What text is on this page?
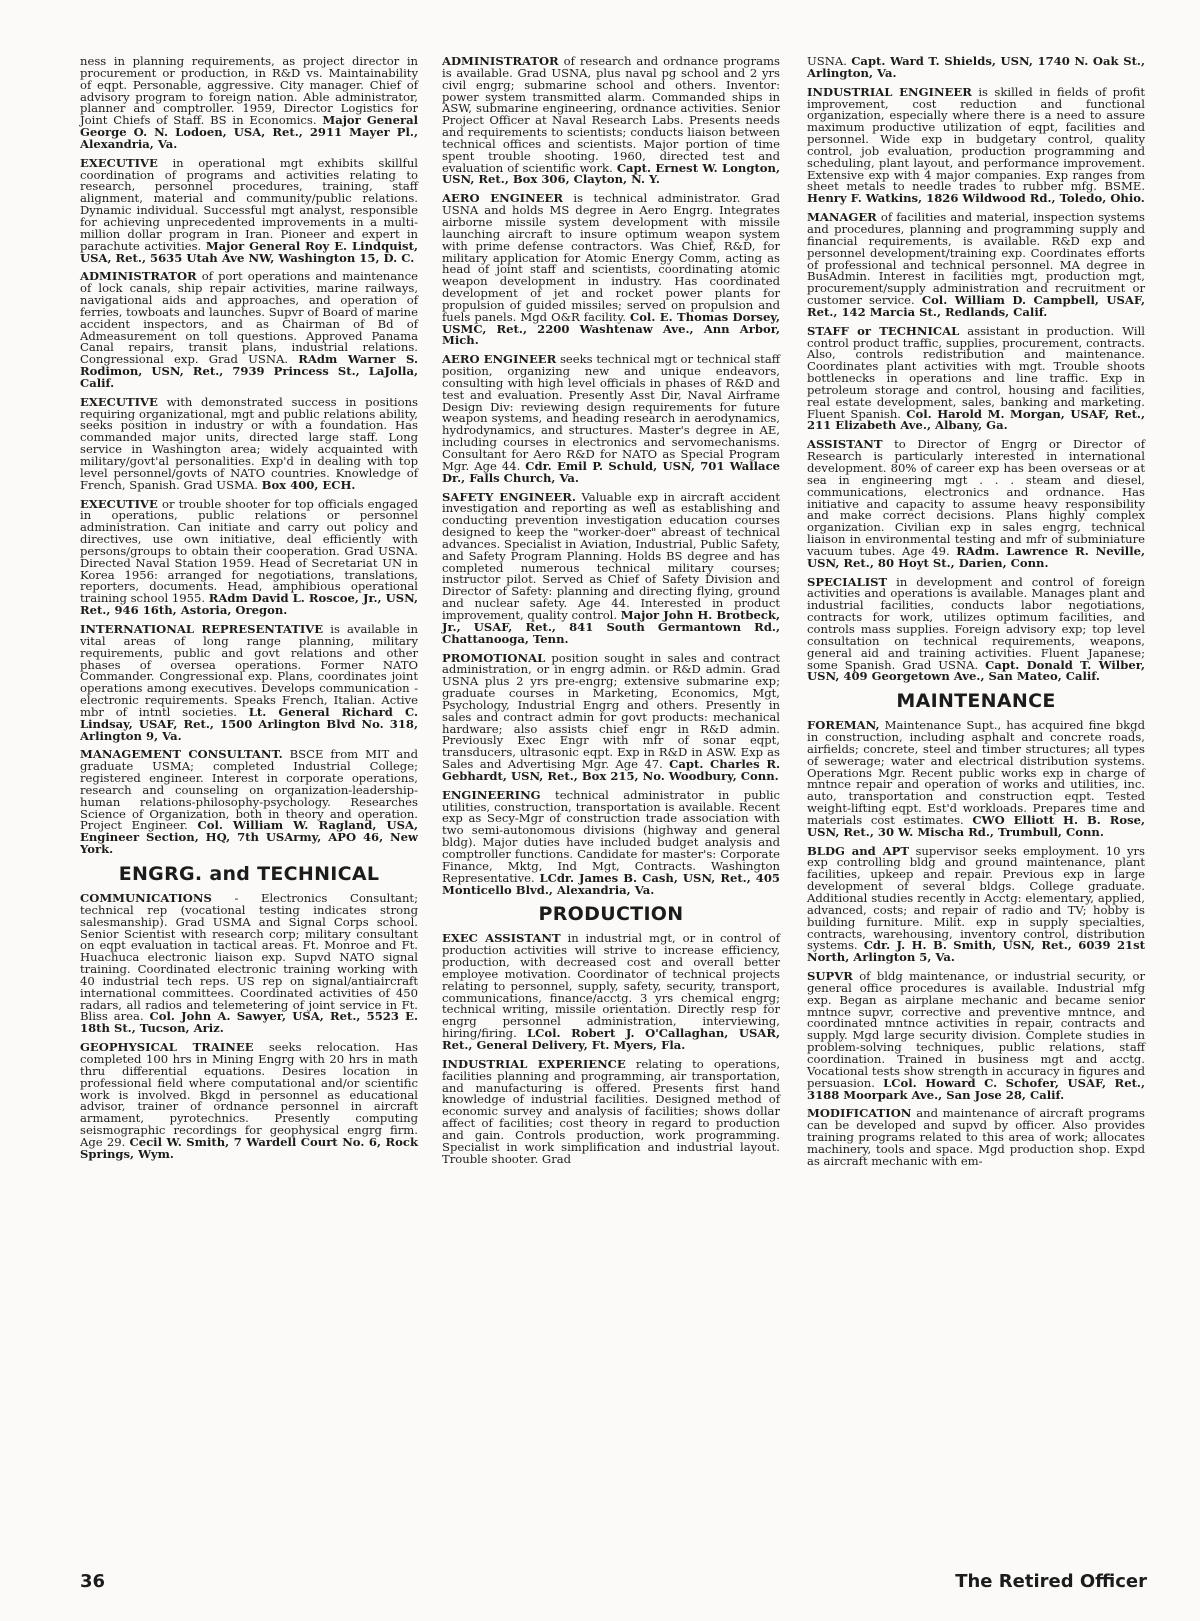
ness in planning requirements, as project director in procurement or production, in R&D vs. Maintainability of eqpt. Personable, aggressive. City manager. Chief of advisory program to foreign nation. Able administrator, planner and comptroller. 1959, Director Logistics for Joint Chiefs of Staff. BS in Economics. Major General George O. N. Lodoen, USA, Ret., 2911 Mayer Pl., Alexandria, Va.

EXECUTIVE in operational mgt exhibits skillful coordination of programs and activities relating to research, personnel procedures, training, staff alignment, material and community/public relations. Dynamic individual. Successful mgt analyst, responsible for achieving unprecedented improvements in a multi-million dollar program in Iran. Pioneer and expert in parachute activities. Major General Roy E. Lindquist, USA, Ret., 5635 Utah Ave NW, Washington 15, D. C.

ADMINISTRATOR of port operations and maintenance of lock canals, ship repair activities, marine railways, navigational aids and approaches, and operation of ferries, towboats and launches. Supvr of Board of marine accident inspectors, and as Chairman of Bd of Admeasurement on toll questions. Approved Panama Canal repairs, transit plans, industrial relations. Congressional exp. Grad USNA. RAdm Warner S. Rodimon, USN, Ret., 7939 Princess St., LaJolla, Calif.

EXECUTIVE with demonstrated success in positions requiring organizational, mgt and public relations ability, seeks position in industry or with a foundation. Has commanded major units, directed large staff. Long service in Washington area; widely acquainted with military/govt'al personalities. Exp'd in dealing with top level personnel/govts of NATO countries. Knowledge of French, Spanish. Grad USMA. Box 400, ECH.

EXECUTIVE or trouble shooter for top officials engaged in operations, public relations or personnel administration. Can initiate and carry out policy and directives, use own initiative, deal efficiently with persons/groups to obtain their cooperation. Grad USNA. Directed Naval Station 1959. Head of Secretariat UN in Korea 1956: arranged for negotiations, translations, reporters, documents. Head, amphibious operational training school 1955. RAdm David L. Roscoe, Jr., USN, Ret., 946 16th, Astoria, Oregon.

INTERNATIONAL REPRESENTATIVE is available in vital areas of long range planning, military requirements, public and govt relations and other phases of oversea operations. Former NATO Commander. Congressional exp. Plans, coordinates joint operations among executives. Develops communication - electronic requirements. Speaks French, Italian. Active mbr of intntl societies. Lt. General Richard C. Lindsay, USAF, Ret., 1500 Arlington Blvd No. 318, Arlington 9, Va.

MANAGEMENT CONSULTANT. BSCE from MIT and graduate USMA; completed Industrial College; registered engineer. Interest in corporate operations, research and counseling on organization-leadership-human relations-philosophy-psychology. Researches Science of Organization, both in theory and operation. Project Engineer. Col. William W. Ragland, USA, Engineer Section, HQ, 7th USArmy, APO 46, New York.

ENGRG. and TECHNICAL

COMMUNICATIONS - Electronics Consultant; technical rep (vocational testing indicates strong salesmanship). Grad USMA and Signal Corps school. Senior Scientist with research corp; military consultant on eqpt evaluation in tactical areas. Ft. Monroe and Ft. Huachuca electronic liaison exp. Supvd NATO signal training. Coordinated electronic training working with 40 industrial tech reps. US rep on signal/antiaircraft international committees. Coordinated activities of 450 radars, all radios and telemetering of joint service in Ft. Bliss area. Col. John A. Sawyer, USA, Ret., 5523 E. 18th St., Tucson, Ariz.

GEOPHYSICAL TRAINEE seeks relocation. Has completed 100 hrs in Mining Engrg with 20 hrs in math thru differential equations. Desires location in professional field where computational and/or scientific work is involved. Bkgd in personnel as educational advisor, trainer of ordnance personnel in aircraft armament, pyrotechnics. Presently computing seismographic recordings for geophysical engrg firm. Age 29. Cecil W. Smith, 7 Wardell Court No. 6, Rock Springs, Wym.

ADMINISTRATOR of research and ordnance programs is available. Grad USNA, plus naval pg school and 2 yrs civil engrg; submarine school and others. Inventor: power system transmitted alarm. Commanded ships in ASW, submarine engineering, ordnance activities. Senior Project Officer at Naval Research Labs. Presents needs and requirements to scientists; conducts liaison between technical offices and scientists. Major portion of time spent trouble shooting. 1960, directed test and evaluation of scientific work. Capt. Ernest W. Longton, USN, Ret., Box 306, Clayton, N. Y.

AERO ENGINEER is technical administrator. Grad USNA and holds MS degree in Aero Engrg. Integrates airborne missile system development with missile launching aircraft to insure optimum weapon system with prime defense contractors. Was Chief, R&D, for military application for Atomic Energy Comm, acting as head of joint staff and scientists, coordinating atomic weapon development in industry. Has coordinated development of jet and rocket power plants for propulsion of guided missiles; served on propulsion and fuels panels. Mgd O&R facility. Col. E. Thomas Dorsey, USMC, Ret., 2200 Washtenaw Ave., Ann Arbor, Mich.

AERO ENGINEER seeks technical mgt or technical staff position, organizing new and unique endeavors, consulting with high level officials in phases of R&D and test and evaluation. Presently Asst Dir, Naval Airframe Design Div: reviewing design requirements for future weapon systems, and heading research in aerodynamics, hydrodynamics, and structures. Master's degree in AE, including courses in electronics and servomechanisms. Consultant for Aero R&D for NATO as Special Program Mgr. Age 44. Cdr. Emil P. Schuld, USN, 701 Wallace Dr., Falls Church, Va.

SAFETY ENGINEER. Valuable exp in aircraft accident investigation and reporting as well as establishing and conducting prevention investigation education courses designed to keep the "worker-doer" abreast of technical advances. Specialist in Aviation, Industrial, Public Safety, and Safety Program Planning. Holds BS degree and has completed numerous technical military courses; instructor pilot. Served as Chief of Safety Division and Director of Safety: planning and directing flying, ground and nuclear safety. Age 44. Interested in product improvement, quality control. Major John H. Brotbeck, Jr., USAF, Ret., 841 South Germantown Rd., Chattanooga, Tenn.

PROMOTIONAL position sought in sales and contract administration, or in engrg admin. or R&D admin. Grad USNA plus 2 yrs pre-engrg; extensive submarine exp; graduate courses in Marketing, Economics, Mgt, Psychology, Industrial Engrg and others. Presently in sales and contract admin for govt products: mechanical hardware; also assists chief engr in R&D admin. Previously Exec Engr with mfr of sonar eqpt, transducers, ultrasonic eqpt. Exp in R&D in ASW. Exp as Sales and Advertising Mgr. Age 47. Capt. Charles R. Gebhardt, USN, Ret., Box 215, No. Woodbury, Conn.

ENGINEERING technical administrator in public utilities, construction, transportation is available. Recent exp as Secy-Mgr of construction trade association with two semi-autonomous divisions (highway and general bldg). Major duties have included budget analysis and comptroller functions. Candidate for master's: Corporate Finance, Mktg, Ind Mgt, Contracts. Washington Representative. LCdr. James B. Cash, USN, Ret., 405 Monticello Blvd., Alexandria, Va.

PRODUCTION

EXEC ASSISTANT in industrial mgt, or in control of production activities will strive to increase efficiency, production, with decreased cost and overall better employee motivation. Coordinator of technical projects relating to personnel, supply, safety, security, transport, communications, finance/acctg. 3 yrs chemical engrg; technical writing, missile orientation. Directly resp for engrg personnel administration, interviewing, hiring/firing. LCol. Robert J. O'Callaghan, USAR, Ret., General Delivery, Ft. Myers, Fla.

INDUSTRIAL EXPERIENCE relating to operations, facilities planning and programming, air transportation, and manufacturing is offered. Presents first hand knowledge of industrial facilities. Designed method of economic survey and analysis of facilities; shows dollar affect of facilities; cost theory in regard to production and gain. Controls production, work programming. Specialist in work simplification and industrial layout. Trouble shooter. Grad

USNA. Capt. Ward T. Shields, USN, 1740 N. Oak St., Arlington, Va.

INDUSTRIAL ENGINEER is skilled in fields of profit improvement, cost reduction and functional organization, especially where there is a need to assure maximum productive utilization of eqpt, facilities and personnel. Wide exp in budgetary control, quality control, job evaluation, production programming and scheduling, plant layout, and performance improvement. Extensive exp with 4 major companies. Exp ranges from sheet metals to needle trades to rubber mfg. BSME. Henry F. Watkins, 1826 Wildwood Rd., Toledo, Ohio.

MANAGER of facilities and material, inspection systems and procedures, planning and programming supply and financial requirements, is available. R&D exp and personnel development/training exp. Coordinates efforts of professional and technical personnel. MA degree in BusAdmin. Interest in facilities mgt, production mgt, procurement/supply administration and recruitment or customer service. Col. William D. Campbell, USAF, Ret., 142 Marcia St., Redlands, Calif.

STAFF or TECHNICAL assistant in production. Will control product traffic, supplies, procurement, contracts. Also, controls redistribution and maintenance. Coordinates plant activities with mgt. Trouble shoots bottlenecks in operations and line traffic. Exp in petroleum storage and control, housing and facilities, real estate development, sales, banking and marketing. Fluent Spanish. Col. Harold M. Morgan, USAF, Ret., 211 Elizabeth Ave., Albany, Ga.

ASSISTANT to Director of Engrg or Director of Research is particularly interested in international development. 80% of career exp has been overseas or at sea in engineering mgt . . . steam and diesel, communications, electronics and ordnance. Has initiative and capacity to assume heavy responsibility and make correct decisions. Plans highly complex organization. Civilian exp in sales engrg, technical liaison in environmental testing and mfr of subminiature vacuum tubes. Age 49. RAdm. Lawrence R. Neville, USN, Ret., 80 Hoyt St., Darien, Conn.

SPECIALIST in development and control of foreign activities and operations is available. Manages plant and industrial facilities, conducts labor negotiations, contracts for work, utilizes optimum facilities, and controls mass supplies. Foreign advisory exp; top level consultation on technical requirements, weapons, general aid and training activities. Fluent Japanese; some Spanish. Grad USNA. Capt. Donald T. Wilber, USN, 409 Georgetown Ave., San Mateo, Calif.

MAINTENANCE

FOREMAN, Maintenance Supt., has acquired fine bkgd in construction, including asphalt and concrete roads, airfields; concrete, steel and timber structures; all types of sewerage; water and electrical distribution systems. Operations Mgr. Recent public works exp in charge of mntnce repair and operation of works and utilities, inc. auto, transportation and construction eqpt. Tested weight-lifting eqpt. Est'd workloads. Prepares time and materials cost estimates. CWO Elliott H. B. Rose, USN, Ret., 30 W. Mischa Rd., Trumbull, Conn.

BLDG and APT supervisor seeks employment. 10 yrs exp controlling bldg and ground maintenance, plant facilities, upkeep and repair. Previous exp in large development of several bldgs. College graduate. Additional studies recently in Acctg: elementary, applied, advanced, costs; and repair of radio and TV; hobby is building furniture. Milit. exp in supply specialties, contracts, warehousing, inventory control, distribution systems. Cdr. J. H. B. Smith, USN, Ret., 6039 21st North, Arlington 5, Va.

SUPVR of bldg maintenance, or industrial security, or general office procedures is available. Industrial mfg exp. Began as airplane mechanic and became senior mntnce supvr, corrective and preventive mntnce, and coordinated mntnce activities in repair, contracts and supply. Mgd large security division. Complete studies in problem-solving techniques, public relations, staff coordination. Trained in business mgt and acctg. Vocational tests show strength in accuracy in figures and persuasion. LCol. Howard C. Schofer, USAF, Ret., 3188 Moorpark Ave., San Jose 28, Calif.

MODIFICATION and maintenance of aircraft programs can be developed and supvd by officer. Also provides training programs related to this area of work; allocates machinery, tools and space. Mgd production shop. Expd as aircraft mechanic with em-

36	The Retired Officer
